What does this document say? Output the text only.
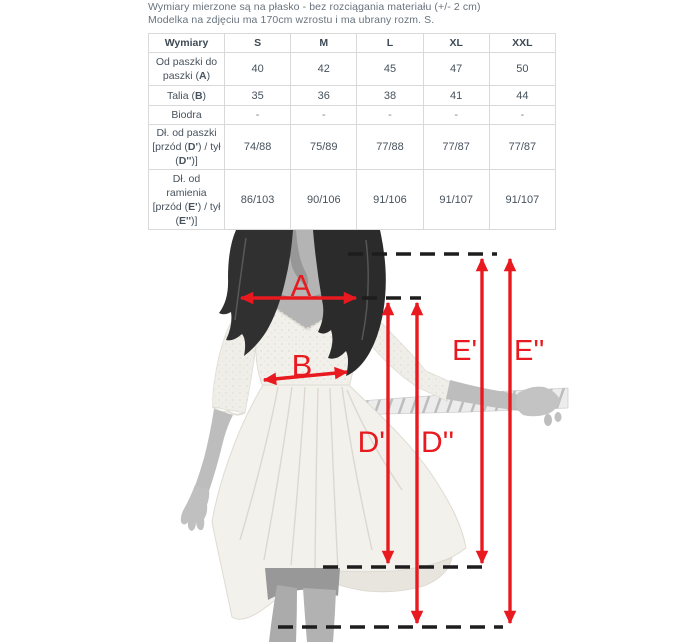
Wymiary mierzone są na płasko - bez rozciągania materiału (+/- 2 cm)
Modelka na zdjęciu ma 170cm wzrostu i ma ubrany rozm. S.
Wymiary	S	M	L	XL	XXL
Od paszki do paszki (A)	40	42	45	47	50
Talia (B)	35	36	38	41	44
Biodra	-	-	-	-	-
Dł. od paszki [przód (D') / tył (D'')]	74/88	75/89	77/88	77/87	77/87
Dł. od ramienia [przód (E') / tył (E'')]	86/103	90/106	91/106	91/107	91/107
A
B
D' D''
E' E''
